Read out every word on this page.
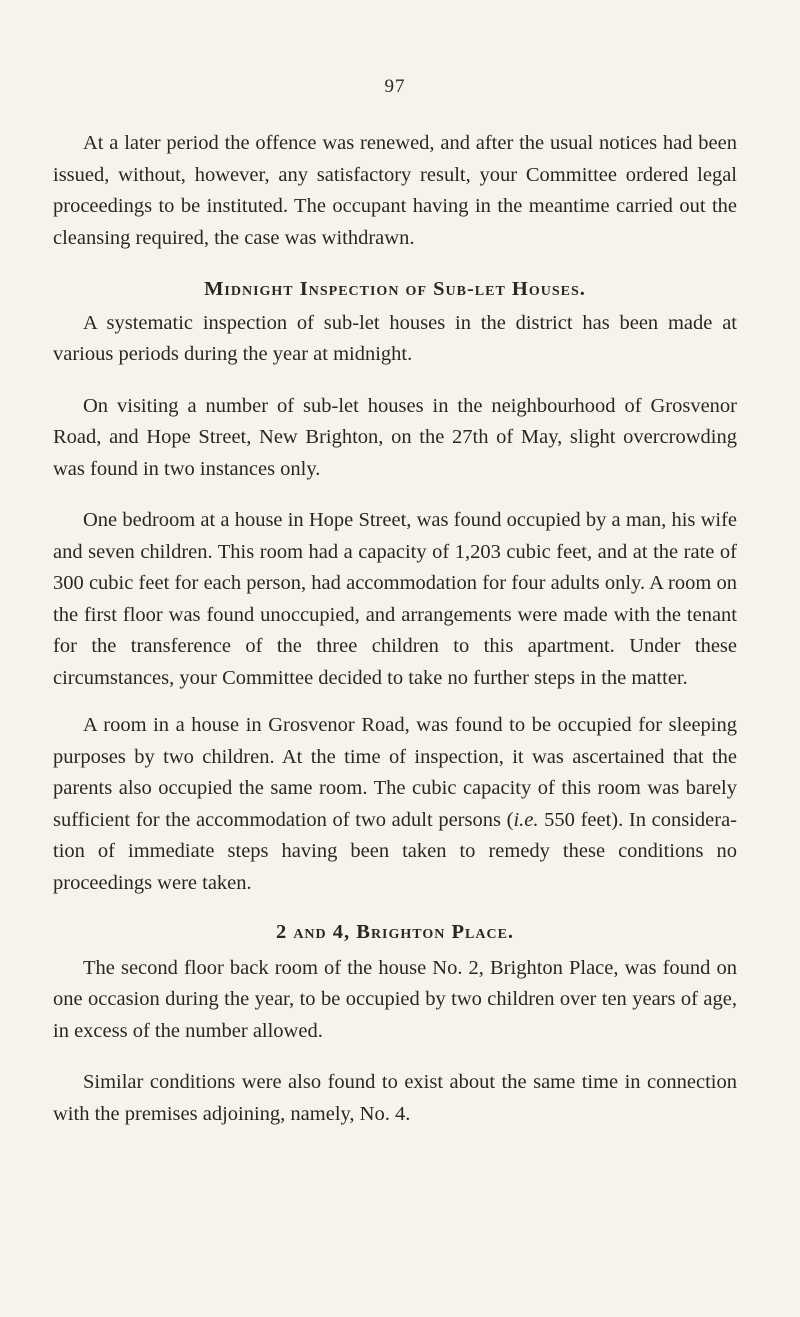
97

At a later period the offence was renewed, and after the usual notices had been issued, without, however, any satisfactory result, your Committee ordered legal proceedings to be instituted. The occupant having in the meantime carried out the cleansing required, the case was withdrawn.

Midnight Inspection of Sub-let Houses.

A systematic inspection of sub-let houses in the district has been made at various periods during the year at midnight.

On visiting a number of sub-let houses in the neighbourhood of Grosvenor Road, and Hope Street, New Brighton, on the 27th of May, slight overcrowding was found in two instances only.

One bedroom at a house in Hope Street, was found occupied by a man, his wife and seven children. This room had a capacity of 1,203 cubic feet, and at the rate of 300 cubic feet for each person, had accommodation for four adults only. A room on the first floor was found unoccupied, and arrangements were made with the tenant for the transference of the three children to this apartment. Under these circumstances, your Committee decided to take no further steps in the matter.

A room in a house in Grosvenor Road, was found to be occupied for sleeping purposes by two children. At the time of inspection, it was ascertained that the parents also occupied the same room. The cubic capacity of this room was barely sufficient for the accommodation of two adult persons (i.e. 550 feet). In considera-tion of immediate steps having been taken to remedy these conditions no proceedings were taken.

2 and 4, Brighton Place.

The second floor back room of the house No. 2, Brighton Place, was found on one occasion during the year, to be occupied by two children over ten years of age, in excess of the number allowed.

Similar conditions were also found to exist about the same time in connection with the premises adjoining, namely, No. 4.
